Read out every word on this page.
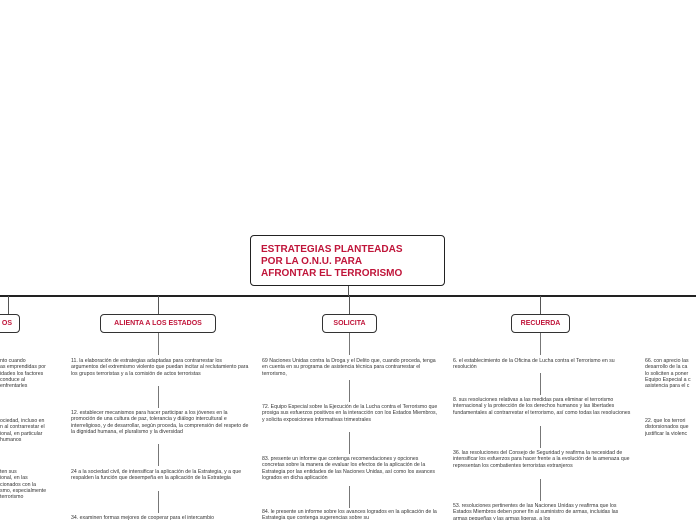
ESTRATEGIAS PLANTEADAS
POR LA O.N.U. PARA
AFRONTAR EL TERRORISMO
OS
nto cuando
as emprendidas por
idades los factores
conduce al
enfrentarles
ociedad, incluso en
n al contrarrestar el
ional, en particular
humanos
ten sus
ional, en las
cionados con la
smo, especialmente
terrorismo
ALIENTA A LOS ESTADOS
11. la elaboración de estrategias adaptadas para contrarrestar los argumentos del extremismo violento que puedan incitar al reclutamiento para los grupos terroristas y a la comisión de actos terroristas
12. establecer mecanismos para hacer participar a los jóvenes en la promoción de una cultura de paz, tolerancia y diálogo intercultural e interreligioso, y de desarrollar, según proceda, la comprensión del respeto de la dignidad humana, el pluralismo y la diversidad
24 a la sociedad civil, de intensificar la aplicación de la Estrategia, y a que respalden la función que desempeña en la aplicación de la Estrategia
34. examinen formas mejores de cooperar para el intercambio
SOLICITA
69 Naciones Unidas contra la Droga y el Delito que, cuando proceda, tenga en cuenta en su programa de asistencia técnica para contrarrestar el terrorismo,
72. Equipo Especial sobre la Ejecución de la Lucha contra el Terrorismo que prosiga sus esfuerzos positivos en la interacción con los Estados Miembros, y solicita exposiciones informativas trimestrales
83. presente un informe que contenga recomendaciones y opciones concretas sobre la manera de evaluar los efectos de la aplicación de la Estrategia por las entidades de las Naciones Unidas, así como los avances logrados en dicha aplicación
84. le presente un informe sobre los avances logrados en la aplicación de la Estrategia que contenga sugerencias sobre su
RECUERDA
6. el establecimiento de la Oficina de Lucha contra el Terrorismo en su resolución
8. sus resoluciones relativas a las medidas para eliminar el terrorismo internacional y la protección de los derechos humanos y las libertades fundamentales al contrarrestar el terrorismo, así como todas las resoluciones
36. las resoluciones del Consejo de Seguridad y reafirma la necesidad de intensificar los esfuerzos para hacer frente a la evolución de la amenaza que representan los combatientes terroristas extranjeros
53. resoluciones pertinentes de las Naciones Unidas y reafirma que los Estados Miembros deben poner fin al suministro de armas, incluidas las armas pequeñas y las armas ligeras, a los
66. con aprecio las
desarrollo de la ca
lo soliciten a poner
Equipo Especial a c
asistencia para el c
22. que los terrori
distorsionados que
justificar la violenc
